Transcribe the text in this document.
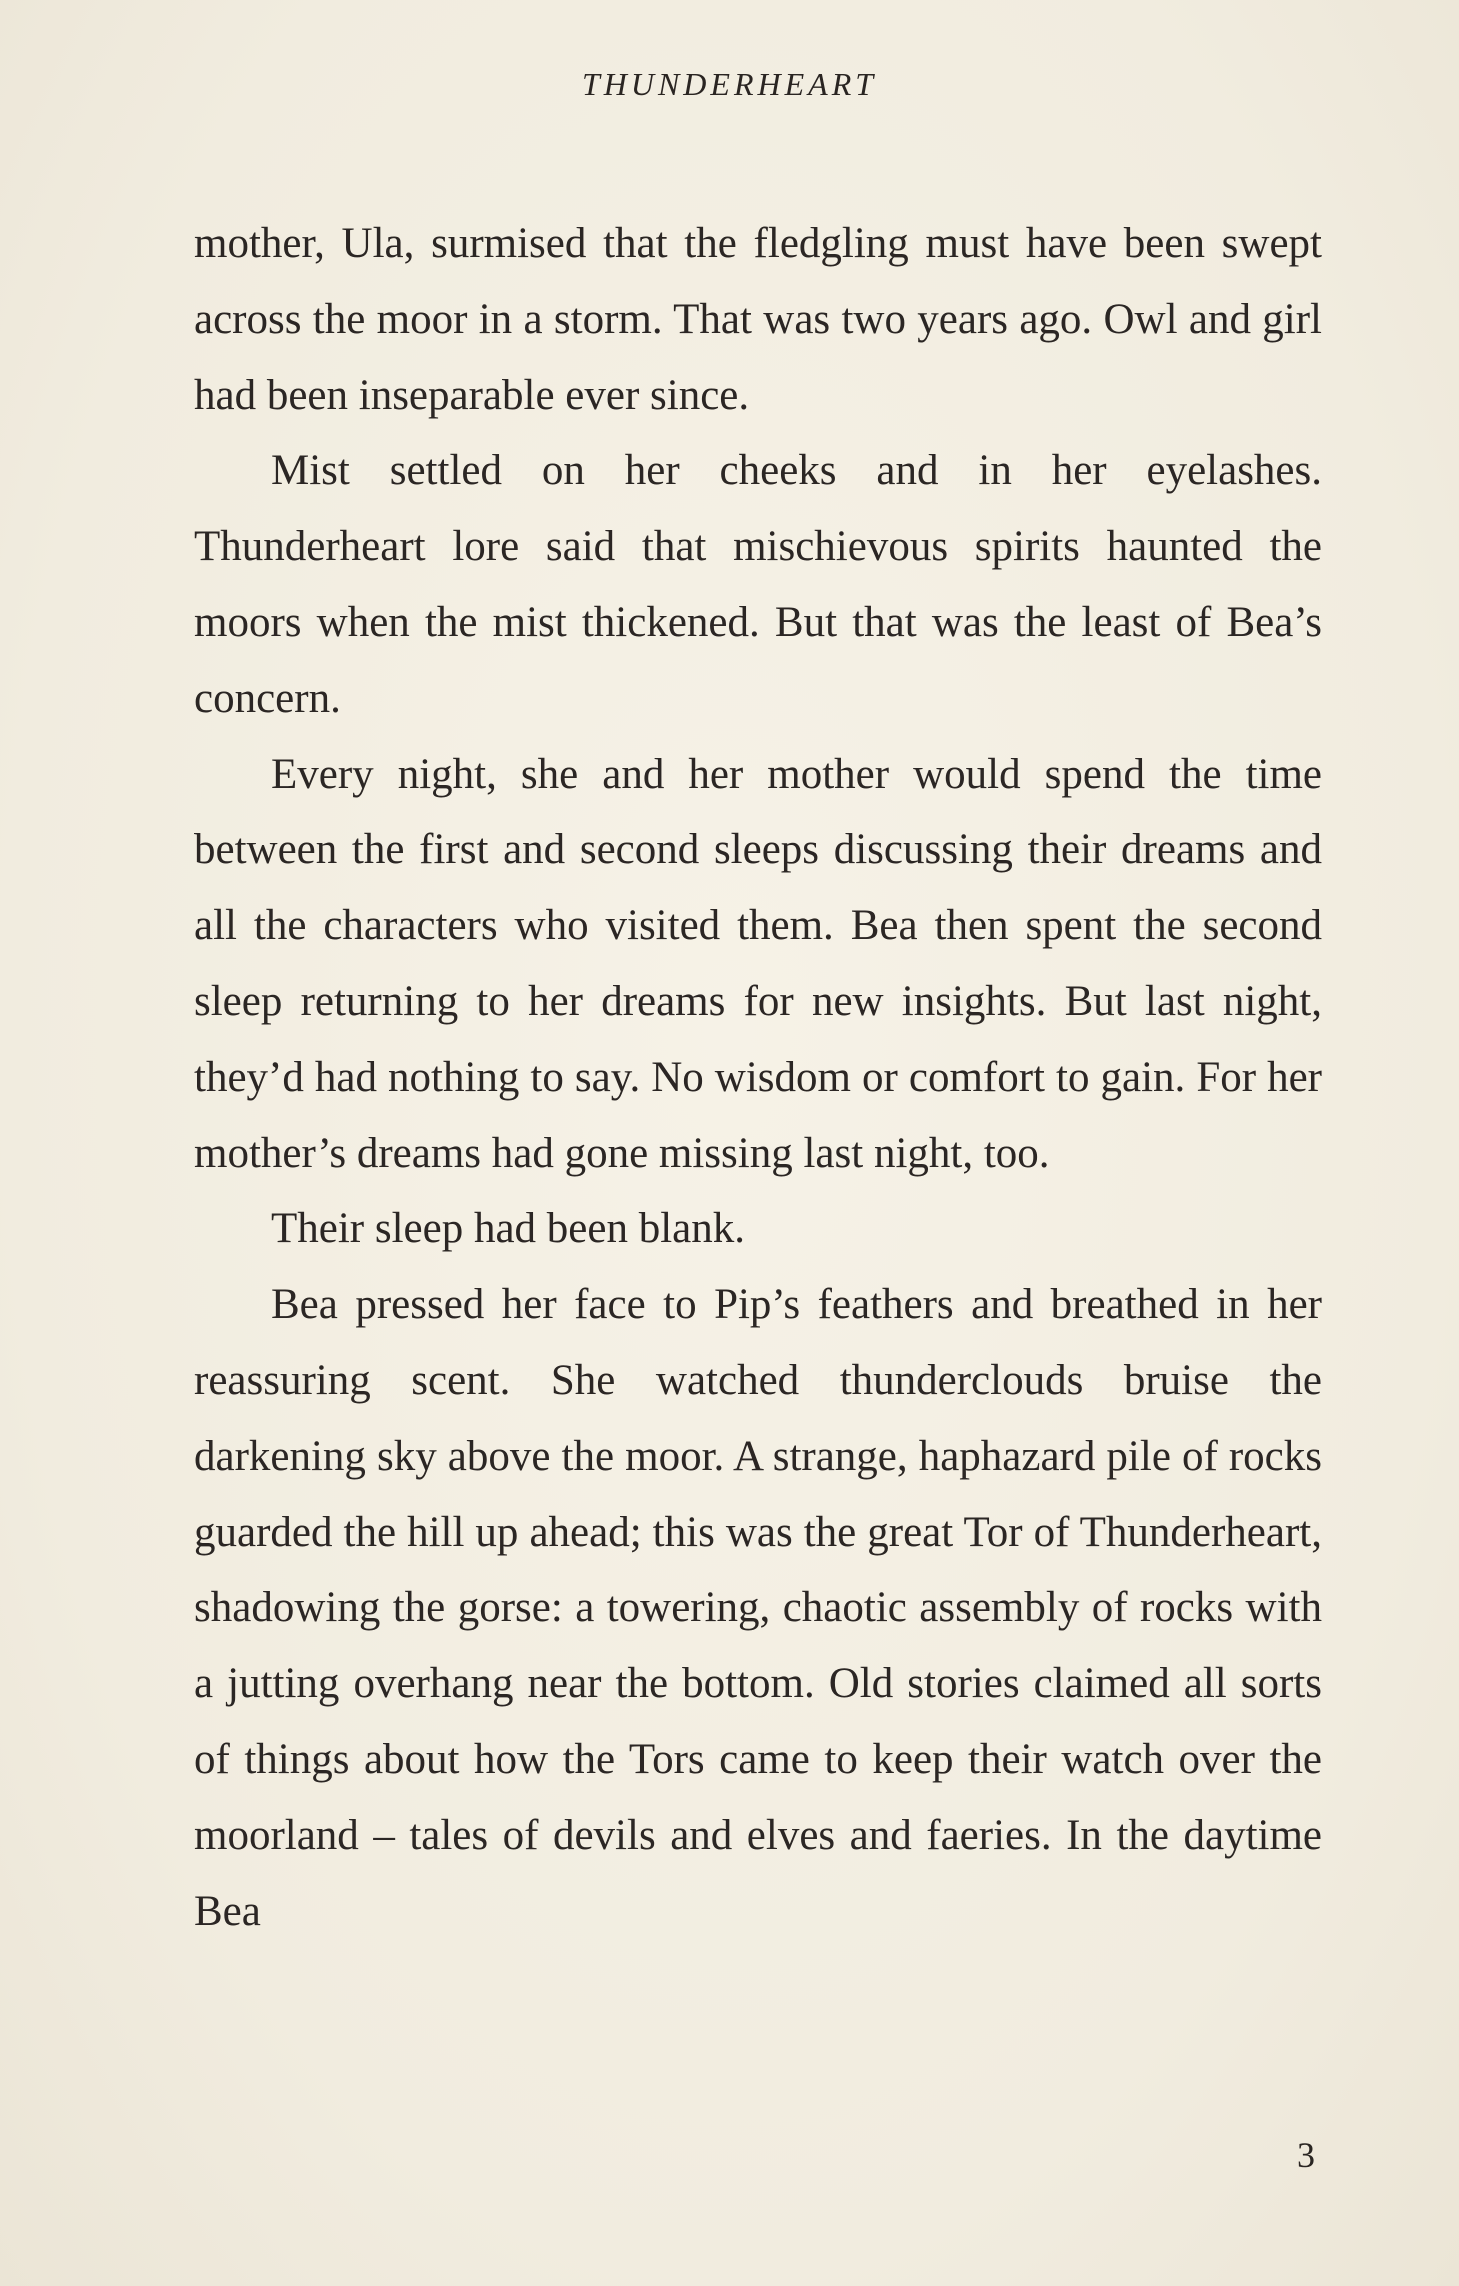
THUNDERHEART

mother, Ula, surmised that the fledgling must have been swept across the moor in a storm. That was two years ago. Owl and girl had been inseparable ever since.

Mist settled on her cheeks and in her eyelashes. Thunderheart lore said that mischievous spirits haunted the moors when the mist thickened. But that was the least of Bea’s concern.

Every night, she and her mother would spend the time between the first and second sleeps discussing their dreams and all the characters who visited them. Bea then spent the second sleep returning to her dreams for new insights. But last night, they’d had nothing to say. No wisdom or comfort to gain. For her mother’s dreams had gone missing last night, too.

Their sleep had been blank.

Bea pressed her face to Pip’s feathers and breathed in her reassuring scent. She watched thunderclouds bruise the darkening sky above the moor. A strange, haphazard pile of rocks guarded the hill up ahead; this was the great Tor of Thunderheart, shadowing the gorse: a towering, chaotic assembly of rocks with a jutting overhang near the bottom. Old stories claimed all sorts of things about how the Tors came to keep their watch over the moorland – tales of devils and elves and faeries. In the daytime Bea

3
